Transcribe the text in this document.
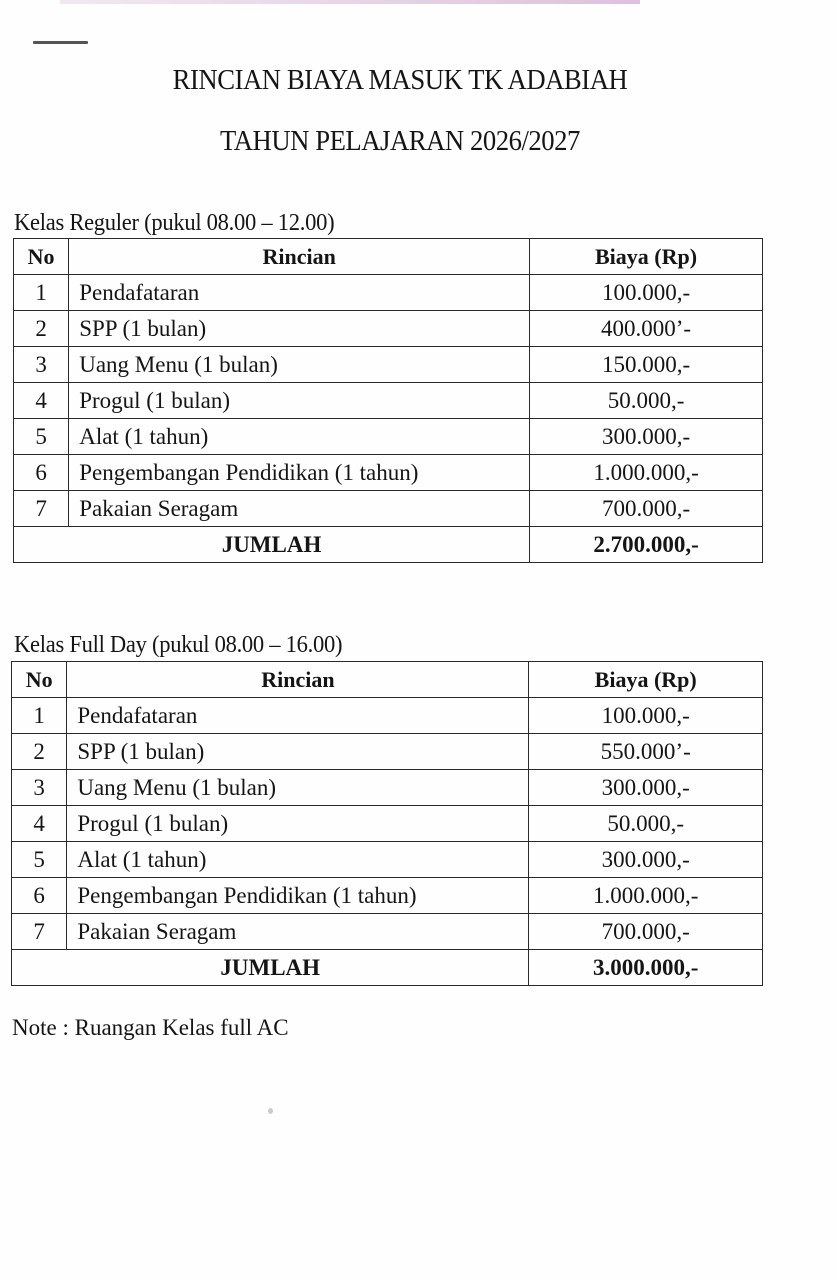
RINCIAN BIAYA MASUK TK ADABIAH
TAHUN PELAJARAN 2026/2027
Kelas Reguler (pukul 08.00 – 12.00)
No	Rincian	Biaya (Rp)
1	Pendafataran	100.000,-
2	SPP (1 bulan)	400.000’-
3	Uang Menu (1 bulan)	150.000,-
4	Progul (1 bulan)	50.000,-
5	Alat (1 tahun)	300.000,-
6	Pengembangan Pendidikan (1 tahun)	1.000.000,-
7	Pakaian Seragam	700.000,-
JUMLAH		2.700.000,-
Kelas Full Day (pukul 08.00 – 16.00)
No	Rincian	Biaya (Rp)
1	Pendafataran	100.000,-
2	SPP (1 bulan)	550.000’-
3	Uang Menu (1 bulan)	300.000,-
4	Progul (1 bulan)	50.000,-
5	Alat (1 tahun)	300.000,-
6	Pengembangan Pendidikan (1 tahun)	1.000.000,-
7	Pakaian Seragam	700.000,-
JUMLAH		3.000.000,-
Note : Ruangan Kelas full AC
